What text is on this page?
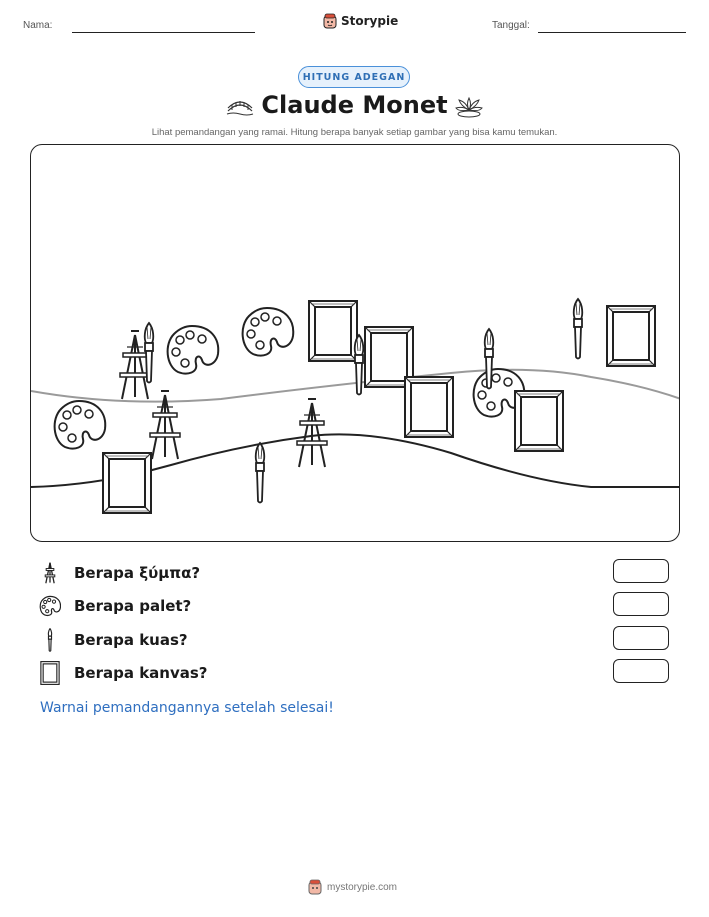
Nama:	Storypie	Tanggal:
HITUNG ADEGAN
Claude Monet
Lihat pemandangan yang ramai. Hitung berapa banyak setiap gambar yang bisa kamu temukan.
Berapa ξύμπα?
Berapa palet?
Berapa kuas?
Berapa kanvas?
Warnai pemandangannya setelah selesai!
mystorypie.com
